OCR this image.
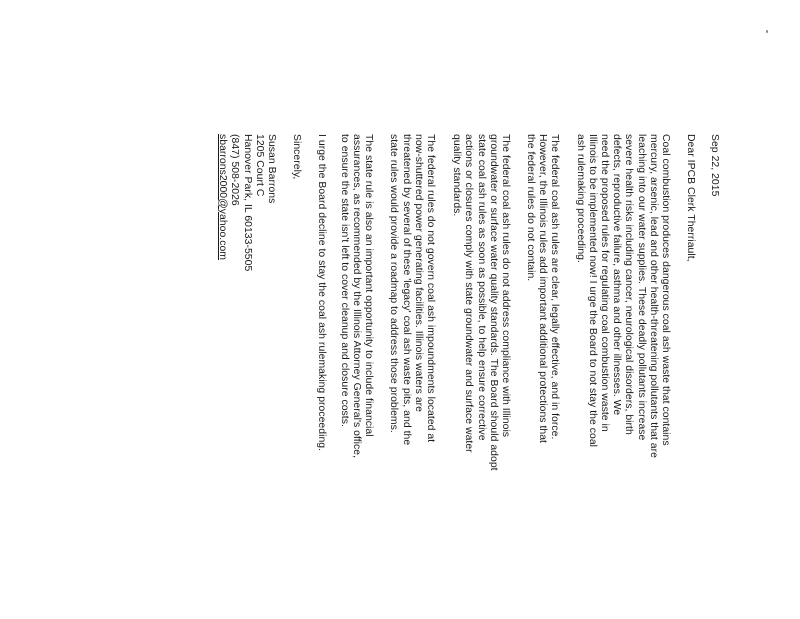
Sep 22, 2015
Dear IPCB Clerk Therriault,
Coal combustion produces dangerous coal ash waste that contains
mercury, arsenic, lead and other health-threatening pollutants that are
leaching into our water supplies. These deadly pollutants increase
severe health risks including cancer, neurological disorders, birth
defects, reproductive failure, asthma and other illnesses. We
need the proposed rules for regulating coal combustion waste in
Illinois to be implemented now! I urge the Board to not stay the coal
ash rulemaking proceeding.
The federal coal ash rules are clear, legally effective, and in force.
However, the Illinois rules add important additional protections that
the federal rules do not contain.
The federal coal ash rules do not address compliance with Illinois
groundwater or surface water quality standards. The Board should adopt
state coal ash rules as soon as possible, to help ensure corrective
actions or closures comply with state groundwater and surface water
quality standards.
The federal rules do not govern coal ash impoundments located at
now-shuttered power generating facilities. Illinois waters are
threatened by several of these 'legacy' coal ash waste pits, and the
state rules would provide a roadmap to address those problems.
The state rule is also an important opportunity to include financial
assurances, as recommended by the Illinois Attorney General's office,
to ensure the state isn't left to cover cleanup and closure costs.
I urge the Board decline to stay the coal ash rulemaking proceeding.
Sincerely,
Susan Barrons
1205 Court C
Hanover Park, IL 60133-5505
(847) 508-2026
sbarrons2000@yahoo.com
